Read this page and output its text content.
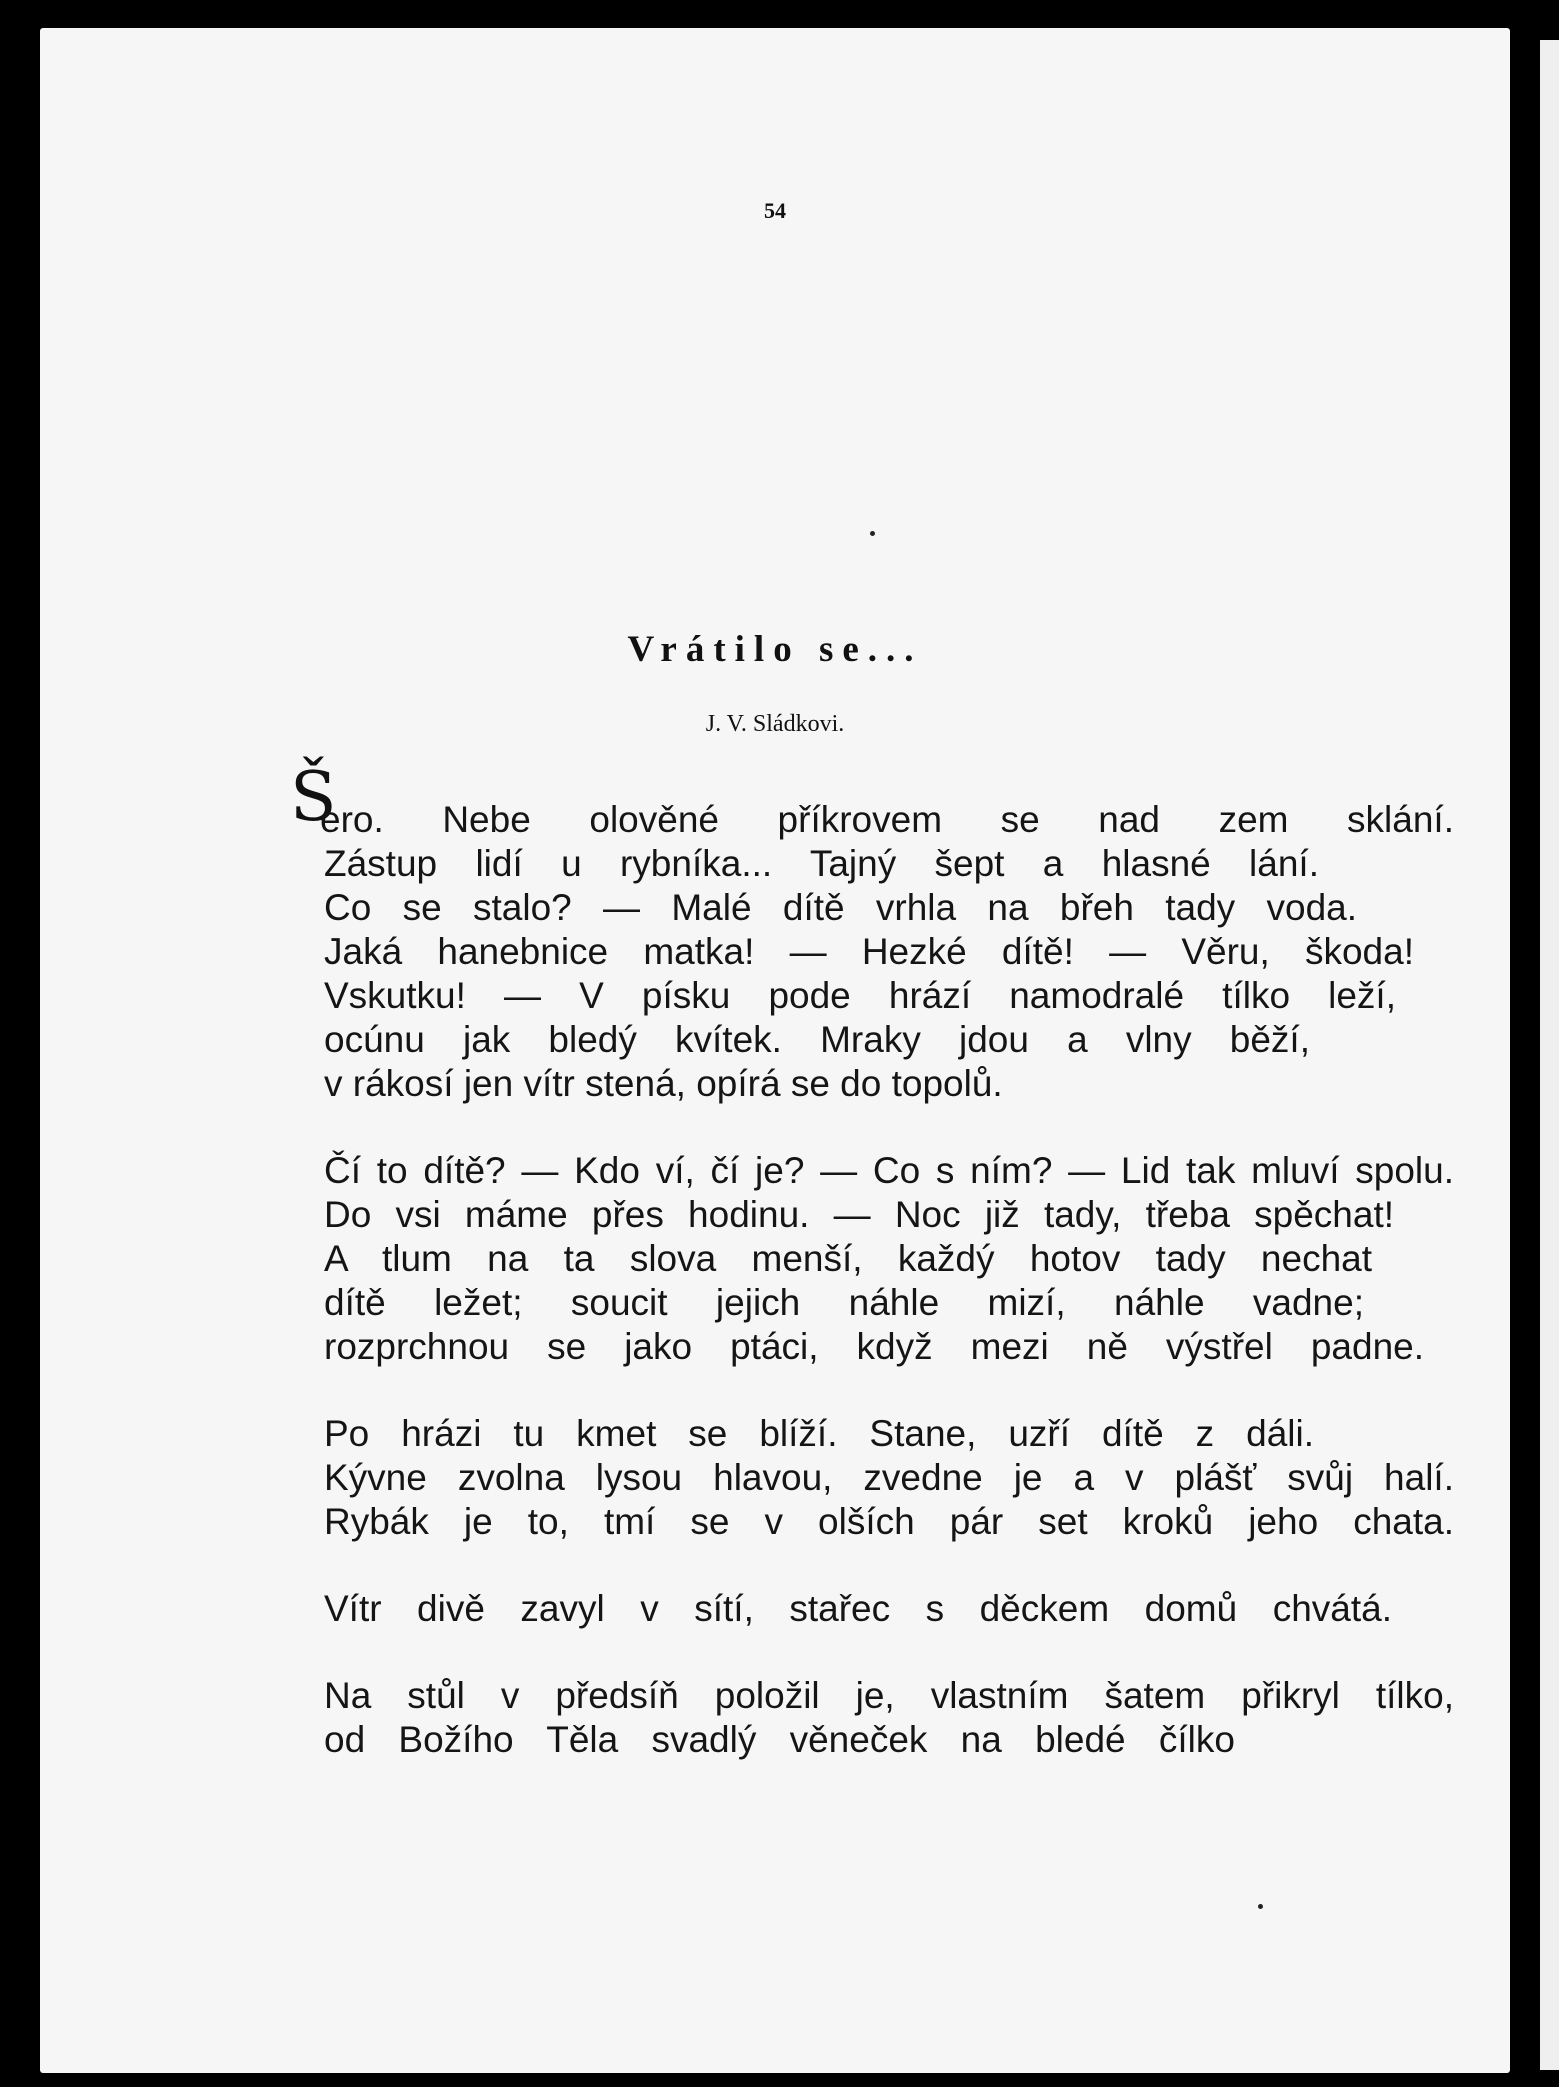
54
Vrátilo se...
J. V. Sládkovi.
Š
ero. Nebe olověné příkrovem se nad zem sklání.
Zástup lidí u rybníka... Tajný šept a hlasné lání.
Co se stalo? — Malé dítě vrhla na břeh tady voda.
Jaká hanebnice matka! — Hezké dítě! — Věru, škoda!
Vskutku! — V písku pode hrází namodralé tílko leží,
ocúnu jak bledý kvítek. Mraky jdou a vlny běží,
v rákosí jen vítr stená, opírá se do topolů.
Čí to dítě? — Kdo ví, čí je? — Co s ním? — Lid tak mluví spolu.
Do vsi máme přes hodinu. — Noc již tady, třeba spěchat!
A tlum na ta slova menší, každý hotov tady nechat
dítě ležet; soucit jejich náhle mizí, náhle vadne;
rozprchnou se jako ptáci, když mezi ně výstřel padne.
Po hrázi tu kmet se blíží. Stane, uzří dítě z dáli.
Kývne zvolna lysou hlavou, zvedne je a v plášť svůj halí.
Rybák je to, tmí se v olších pár set kroků jeho chata.
Vítr divě zavyl v sítí, stařec s děckem domů chvátá.
Na stůl v předsíň položil je, vlastním šatem přikryl tílko,
od Božího Těla svadlý věneček na bledé čílko
